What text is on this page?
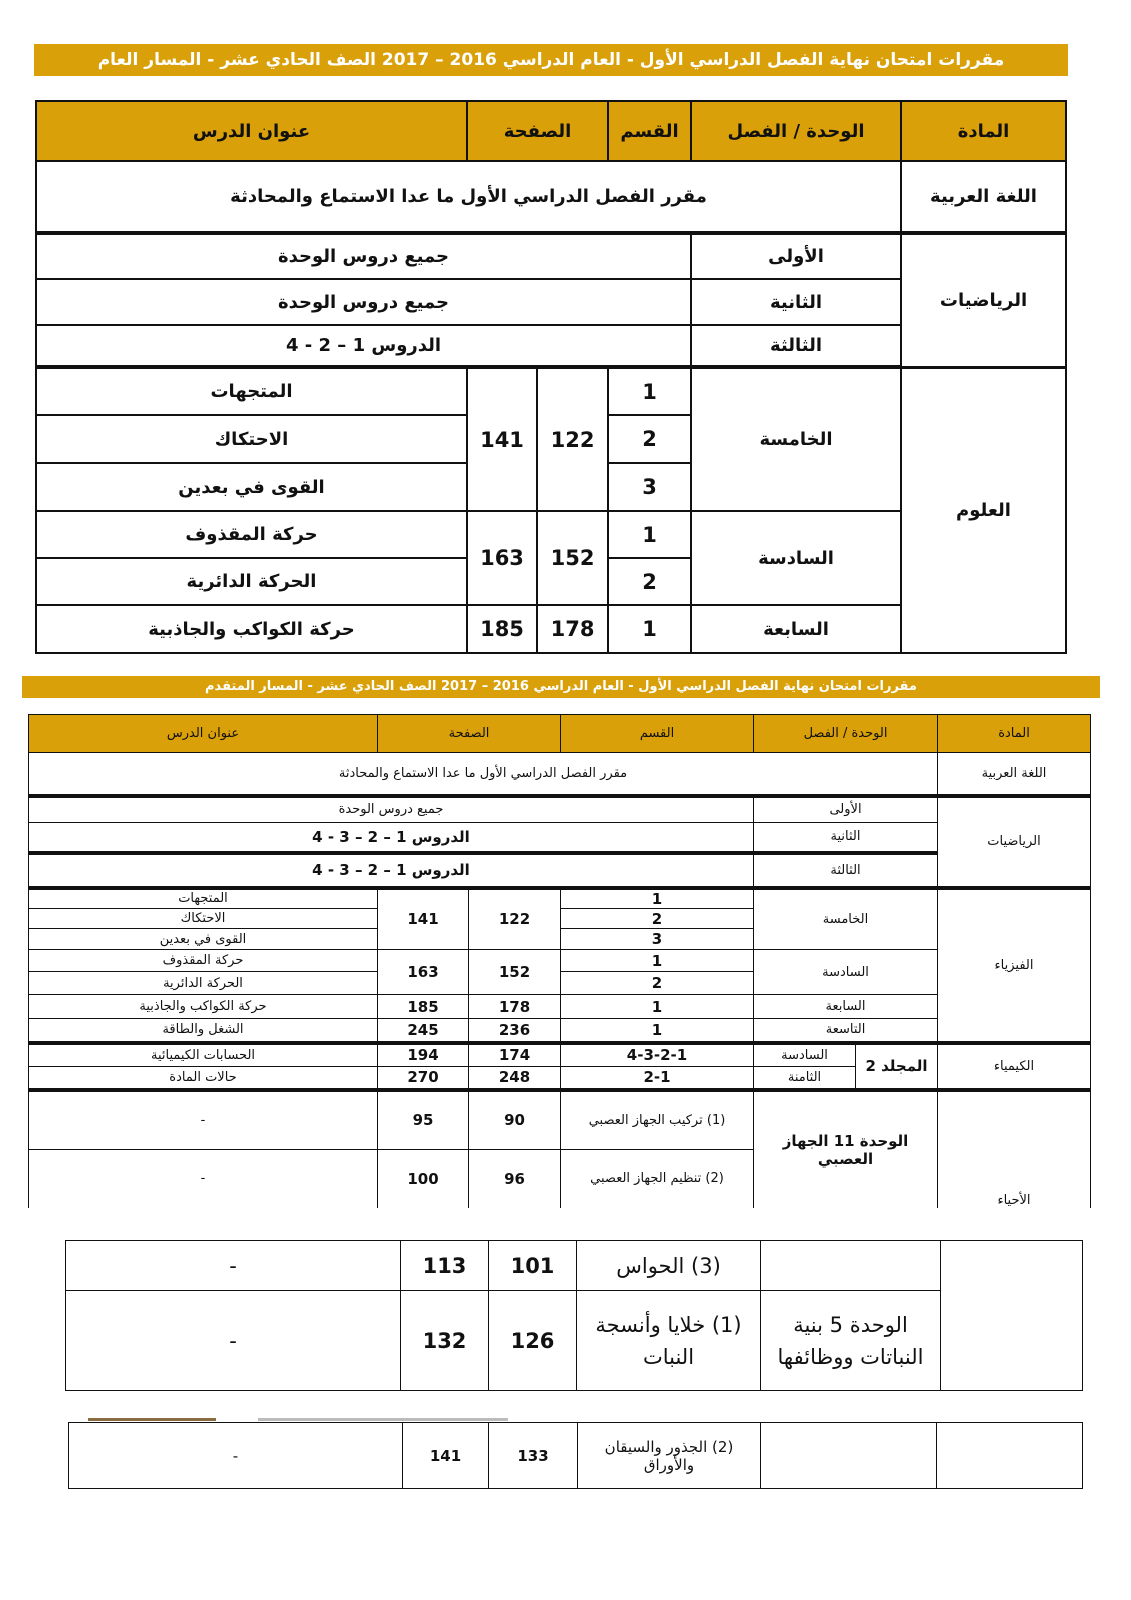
مقررات امتحان نهاية الفصل الدراسي الأول - العام الدراسي 2016 – 2017 الصف الحادي عشر - المسار العام
المادة	الوحدة / الفصل	القسم	الصفحة		عنوان الدرس
اللغة العربية	مقرر الفصل الدراسي الأول ما عدا الاستماع والمحادثة				
الرياضيات	الأولى	جميع دروس الوحدة			
	الثانية	جميع دروس الوحدة			
	الثالثة	الدروس 1 – 2 - 4			
العلوم	الخامسة	1	122	141	المتجهات
		2			الاحتكاك
		3			القوى في بعدين
	السادسة	1	152	163	حركة المقذوف
		2			الحركة الدائرية
	السابعة	1	178	185	حركة الكواكب والجاذبية
مقررات امتحان نهاية الفصل الدراسي الأول - العام الدراسي 2016 – 2017 الصف الحادي عشر - المسار المتقدم
المادة	الوحدة / الفصل		القسم	الصفحة		عنوان الدرس
اللغة العربية	مقرر الفصل الدراسي الأول ما عدا الاستماع والمحادثة					
الرياضيات	الأولى		جميع دروس الوحدة			
	الثانية		الدروس 1 – 2 – 3 - 4			
	الثالثة		الدروس 1 – 2 – 3 - 4			
الفيزياء	الخامسة		1	122	141	المتجهات
			2			الاحتكاك
			3			القوى في بعدين
	السادسة		1	152	163	حركة المقذوف
			2			الحركة الدائرية
	السابعة		1	178	185	حركة الكواكب والجاذبية
	التاسعة		1	236	245	الشغل والطاقة
الكيمياء	المجلد 2	السادسة	4-3-2-1	174	194	الحسابات الكيميائية
		الثامنة	2-1	248	270	حالات المادة
الأحياء	الوحدة 11 الجهاز العصبي		(1) تركيب الجهاز العصبي	90	95	-
			(2) تنظيم الجهاز العصبي	96	100	-
		(3) الحواس	101	113	-
	الوحدة 5 بنية النباتات ووظائفها	(1) خلايا وأنسجة النبات	126	132	-
		(2) الجذور والسيقان والأوراق	133	141	-
